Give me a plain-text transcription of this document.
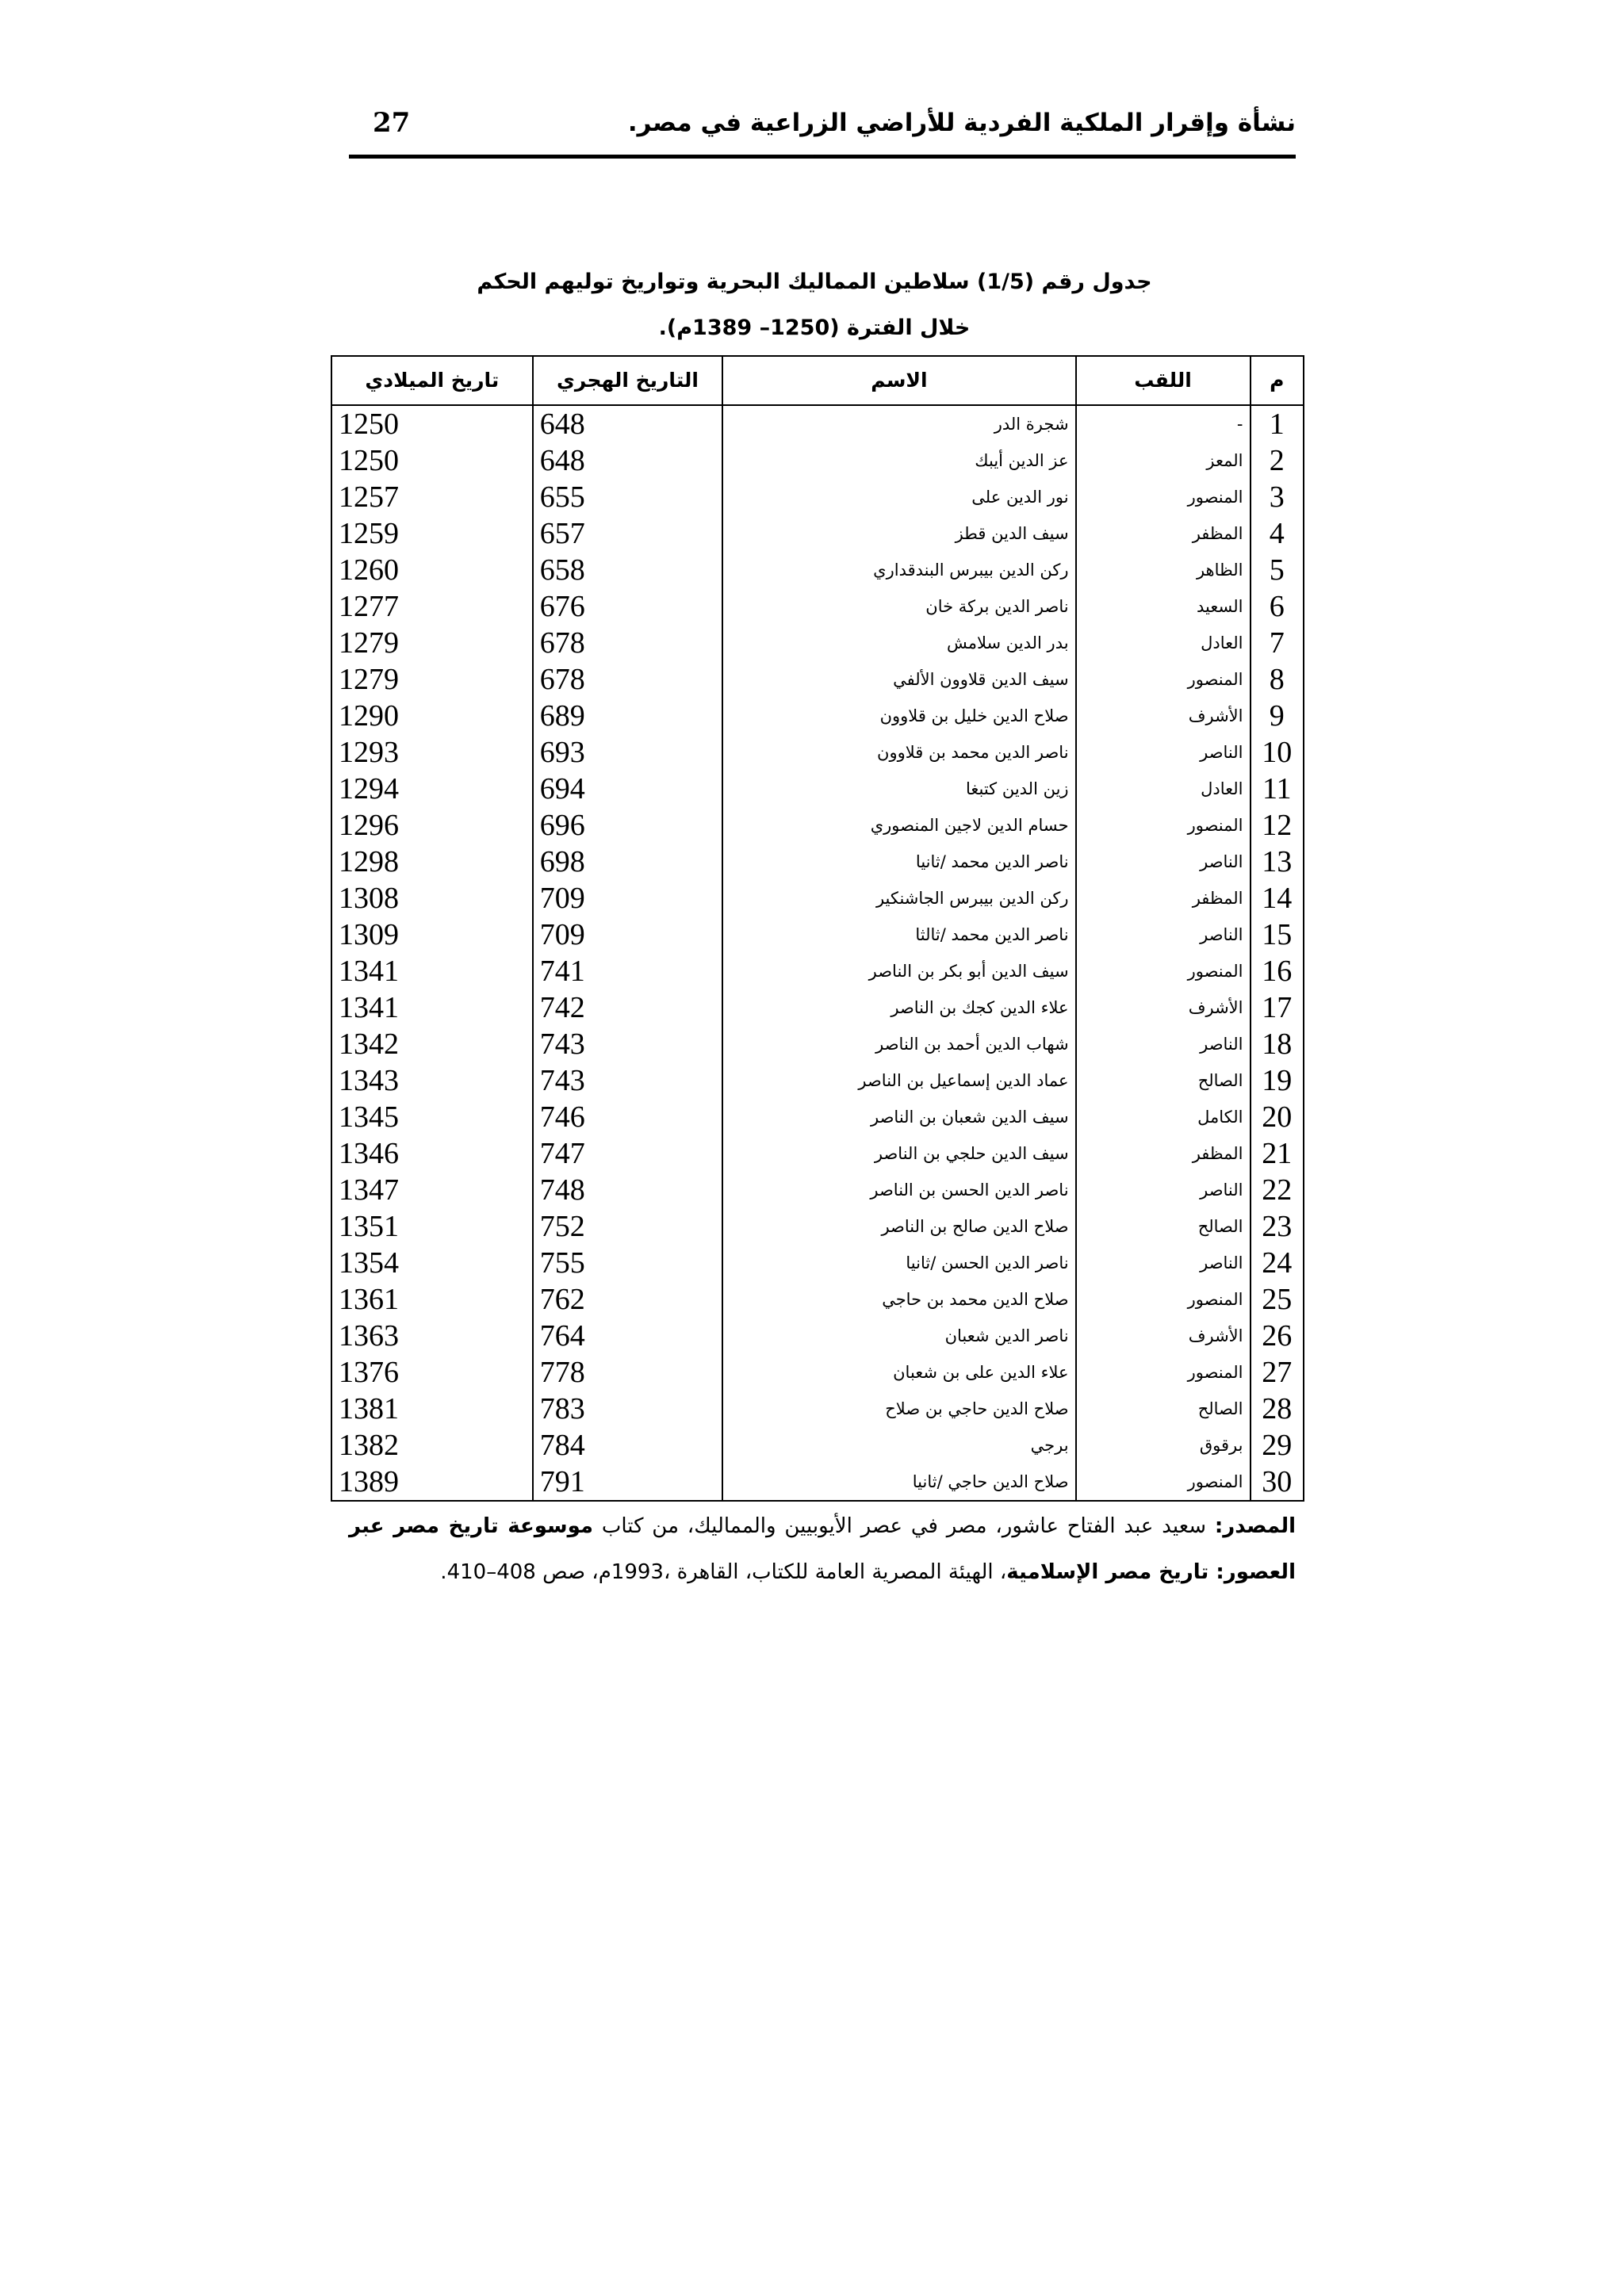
27	نشأة وإقرار الملكية الفردية للأراضي الزراعية في مصر.
جدول رقم (1/5) سلاطين المماليك البحرية وتواريخ توليهم الحكم
خلال الفترة (1250– 1389م).
م	اللقب	الاسم	التاريخ الهجري	تاريخ الميلادي
1	-	شجرة الدر	648	1250
2	المعز	عز الدين أيبك	648	1250
3	المنصور	نور الدين على	655	1257
4	المظفر	سيف الدين قطز	657	1259
5	الظاهر	ركن الدين بيبرس البندقداري	658	1260
6	السعيد	ناصر الدين بركة خان	676	1277
7	العادل	بدر الدين سلامش	678	1279
8	المنصور	سيف الدين قلاوون الألفي	678	1279
9	الأشرف	صلاح الدين خليل بن قلاوون	689	1290
10	الناصر	ناصر الدين محمد بن قلاوون	693	1293
11	العادل	زين الدين كتبغا	694	1294
12	المنصور	حسام الدين لاجين المنصوري	696	1296
13	الناصر	ناصر الدين محمد /ثانيا	698	1298
14	المظفر	ركن الدين بيبرس الجاشنكير	709	1308
15	الناصر	ناصر الدين محمد /ثالثا	709	1309
16	المنصور	سيف الدين أبو بكر بن الناصر	741	1341
17	الأشرف	علاء الدين كجك بن الناصر	742	1341
18	الناصر	شهاب الدين أحمد بن الناصر	743	1342
19	الصالح	عماد الدين إسماعيل بن الناصر	743	1343
20	الكامل	سيف الدين شعبان بن الناصر	746	1345
21	المظفر	سيف الدين حلجي بن الناصر	747	1346
22	الناصر	ناصر الدين الحسن بن الناصر	748	1347
23	الصالح	صلاح الدين صالح بن الناصر	752	1351
24	الناصر	ناصر الدين الحسن /ثانيا	755	1354
25	المنصور	صلاح الدين محمد بن حاجي	762	1361
26	الأشرف	ناصر الدين شعبان	764	1363
27	المنصور	علاء الدين على بن شعبان	778	1376
28	الصالح	صلاح الدين حاجي بن صلاح	783	1381
29	برقوق	برجي	784	1382
30	المنصور	صلاح الدين حاجي /ثانيا	791	1389
المصدر: سعيد عبد الفتاح عاشور، مصر في عصر الأيوبيين والمماليك، من كتاب موسوعة تاريخ مصر عبر العصور: تاريخ مصر الإسلامية، الهيئة المصرية العامة للكتاب، القاهرة ،1993م، صص 408–410.
